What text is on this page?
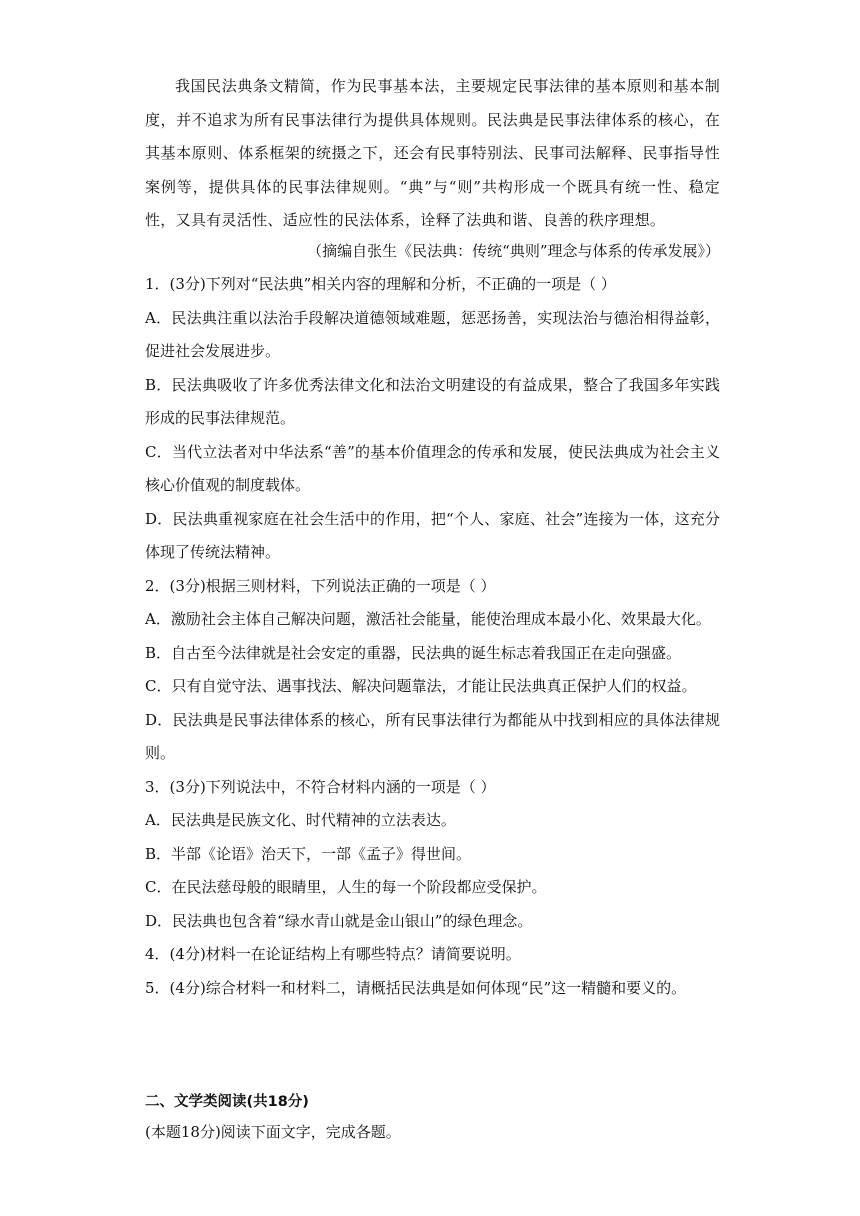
我国民法典条文精简，作为民事基本法，主要规定民事法律的基本原则和基本制度，并不追求为所有民事法律行为提供具体规则。民法典是民事法律体系的核心，在其基本原则、体系框架的统摄之下，还会有民事特别法、民事司法解释、民事指导性案例等，提供具体的民事法律规则。“典”与“则”共构形成一个既具有统一性、稳定性，又具有灵活性、适应性的民法体系，诠释了法典和谐、良善的秩序理想。
（摘编自张生《民法典：传统“典则”理念与体系的传承发展》）

1．(3分)下列对“民法典”相关内容的理解和分析，不正确的一项是（ ）

A．民法典注重以法治手段解决道德领域难题，惩恶扬善，实现法治与德治相得益彰，促进社会发展进步。

B．民法典吸收了许多优秀法律文化和法治文明建设的有益成果，整合了我国多年实践形成的民事法律规范。

C．当代立法者对中华法系“善”的基本价值理念的传承和发展，使民法典成为社会主义核心价值观的制度载体。

D．民法典重视家庭在社会生活中的作用，把“个人、家庭、社会”连接为一体，这充分体现了传统法精神。

2．(3分)根据三则材料，下列说法正确的一项是（ ）

A．激励社会主体自己解决问题，激活社会能量，能使治理成本最小化、效果最大化。

B．自古至今法律就是社会安定的重器，民法典的诞生标志着我国正在走向强盛。

C．只有自觉守法、遇事找法、解决问题靠法，才能让民法典真正保护人们的权益。

D．民法典是民事法律体系的核心，所有民事法律行为都能从中找到相应的具体法律规则。

3．(3分)下列说法中，不符合材料内涵的一项是（ ）

A．民法典是民族文化、时代精神的立法表达。

B．半部《论语》治天下，一部《孟子》得世间。

C．在民法慈母般的眼睛里，人生的每一个阶段都应受保护。

D．民法典也包含着“绿水青山就是金山银山”的绿色理念。

4．(4分)材料一在论证结构上有哪些特点？请简要说明。

5．(4分)综合材料一和材料二，请概括民法典是如何体现“民”这一精髓和要义的。

二、文学类阅读(共18分)

(本题18分)阅读下面文字，完成各题。
